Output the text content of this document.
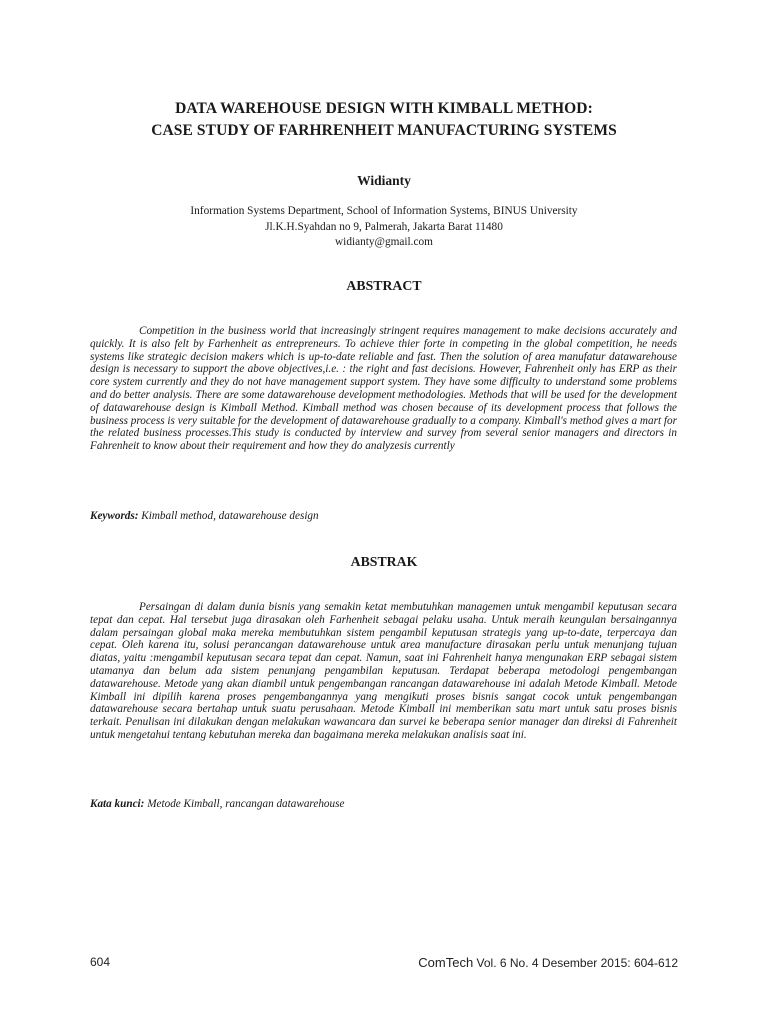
DATA WAREHOUSE DESIGN WITH KIMBALL METHOD:
CASE STUDY OF FARHRENHEIT MANUFACTURING SYSTEMS
Widianty
Information Systems Department, School of Information Systems, BINUS University
Jl.K.H.Syahdan no 9, Palmerah, Jakarta Barat 11480
widianty@gmail.com
ABSTRACT

Competition in the business world that increasingly stringent requires management to make decisions accurately and quickly. It is also felt by Farhenheit as entrepreneurs. To achieve thier forte in competing in the global competition, he needs systems like strategic decision makers which is up-to-date reliable and fast. Then the solution of area manufatur datawarehouse design is necessary to support the above objectives,i.e. : the right and fast decisions. However, Fahrenheit only has ERP as their core system currently and they do not have management support system. They have some difficulty to understand some problems and do better analysis. There are some datawarehouse development methodologies. Methods that will be used for the development of datawarehouse design is Kimball Method. Kimball method was chosen because of its development process that follows the business process is very suitable for the development of datawarehouse gradually to a company. Kimball's method gives a mart for the related business processes.This study is conducted by interview and survey from several senior managers and directors in Fahrenheit to know about their requirement and how they do analyzesis currently

Keywords: Kimball method, datawarehouse design
ABSTRAK

Persaingan di dalam dunia bisnis yang semakin ketat membutuhkan managemen untuk mengambil keputusan secara tepat dan cepat. Hal tersebut juga dirasakan oleh Farhenheit sebagai pelaku usaha. Untuk meraih keungulan bersaingannya dalam persaingan global maka mereka membutuhkan sistem pengambil keputusan strategis yang up-to-date, terpercaya dan cepat. Oleh karena itu, solusi perancangan datawarehouse untuk area manufacture dirasakan perlu untuk menunjang tujuan diatas, yaitu :mengambil keputusan secara tepat dan cepat. Namun, saat ini Fahrenheit hanya mengunakan ERP sebagai sistem utamanya dan belum ada sistem penunjang pengambilan keputusan. Terdapat beberapa metodologi pengembangan datawarehouse. Metode yang akan diambil untuk pengembangan rancangan datawarehouse ini adalah Metode Kimball. Metode Kimball ini dipilih karena proses pengembangannya yang mengikuti proses bisnis sangat cocok untuk pengembangan datawarehouse secara bertahap untuk suatu perusahaan. Metode Kimball ini memberikan satu mart untuk satu proses bisnis terkait. Penulisan ini dilakukan dengan melakukan wawancara dan survei ke beberapa senior manager dan direksi di Fahrenheit untuk mengetahui tentang kebutuhan mereka dan bagaimana mereka melakukan analisis saat ini.

Kata kunci: Metode Kimball, rancangan datawarehouse
604	ComTech Vol. 6 No. 4 Desember 2015: 604-612
